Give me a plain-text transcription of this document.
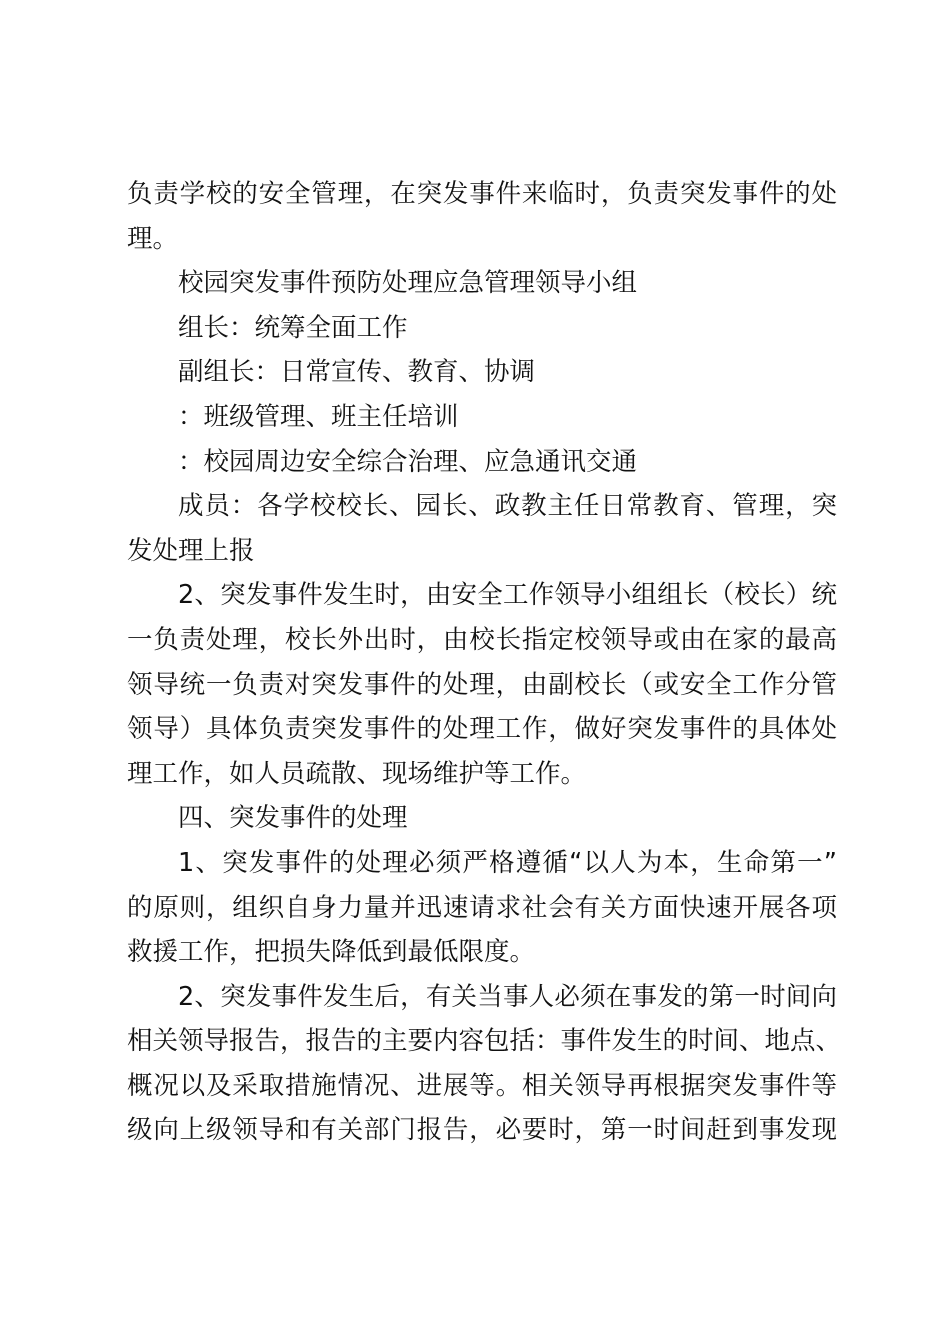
负责学校的安全管理，在突发事件来临时，负责突发事件的处
理。
校园突发事件预防处理应急管理领导小组
组长：统筹全面工作
副组长：日常宣传、教育、协调
：班级管理、班主任培训
：校园周边安全综合治理、应急通讯交通
成员：各学校校长、园长、政教主任日常教育、管理，突
发处理上报
2、突发事件发生时，由安全工作领导小组组长（校长）统
一负责处理，校长外出时，由校长指定校领导或由在家的最高
领导统一负责对突发事件的处理，由副校长（或安全工作分管
领导）具体负责突发事件的处理工作，做好突发事件的具体处
理工作，如人员疏散、现场维护等工作。
四、突发事件的处理
1、突发事件的处理必须严格遵循“以人为本，生命第一”
的原则，组织自身力量并迅速请求社会有关方面快速开展各项
救援工作，把损失降低到最低限度。
2、突发事件发生后，有关当事人必须在事发的第一时间向
相关领导报告，报告的主要内容包括：事件发生的时间、地点、
概况以及采取措施情况、进展等。相关领导再根据突发事件等
级向上级领导和有关部门报告，必要时，第一时间赶到事发现
